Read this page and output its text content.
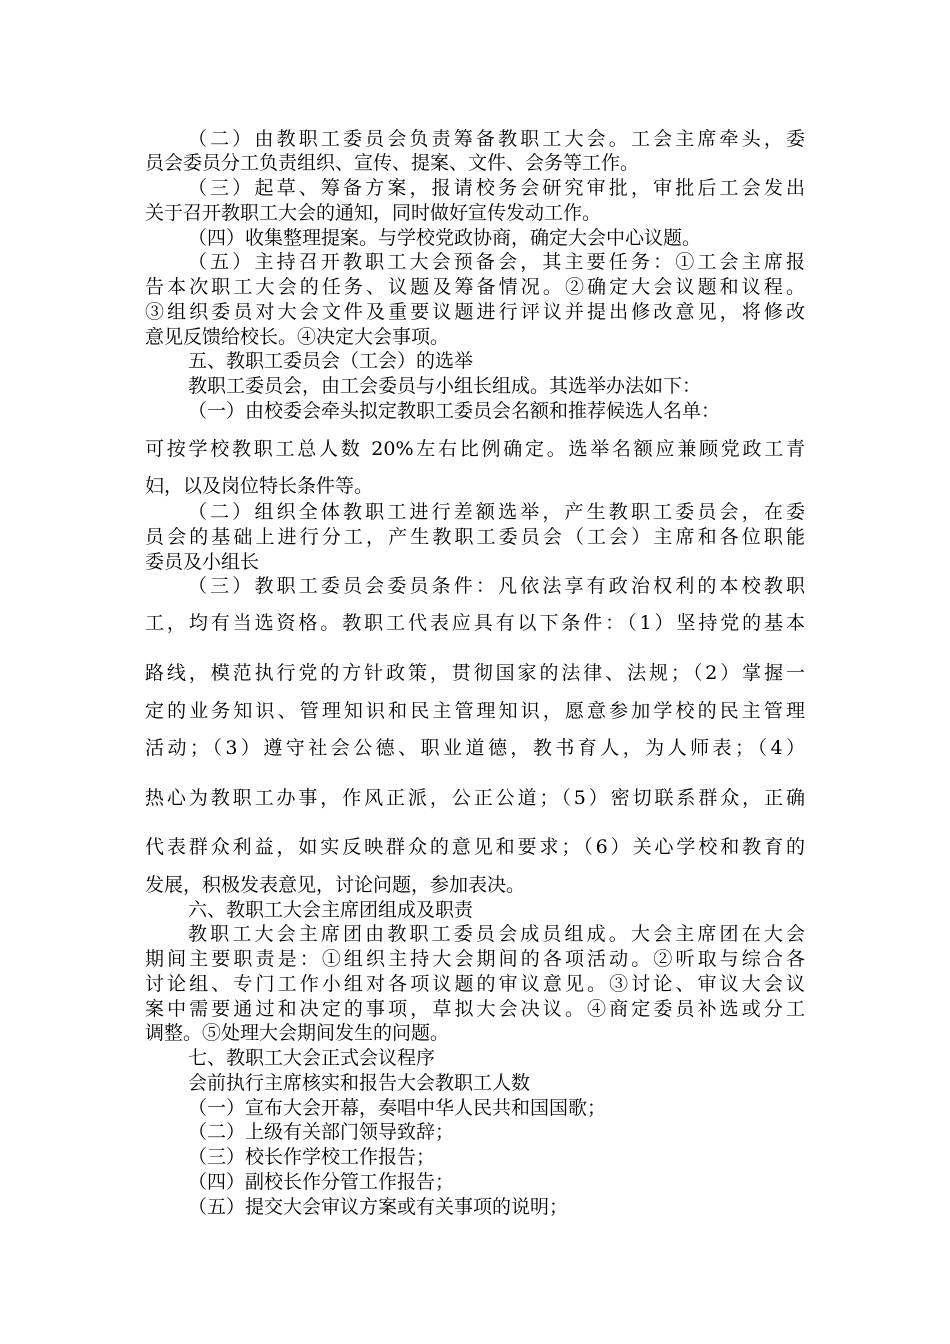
（二）由教职工委员会负责筹备教职工大会。工会主席牵头，委
员会委员分工负责组织、宣传、提案、文件、会务等工作。
（三）起草、筹备方案，报请校务会研究审批，审批后工会发出
关于召开教职工大会的通知，同时做好宣传发动工作。
（四）收集整理提案。与学校党政协商，确定大会中心议题。
（五）主持召开教职工大会预备会，其主要任务：①工会主席报
告本次职工大会的任务、议题及筹备情况。②确定大会议题和议程。
③组织委员对大会文件及重要议题进行评议并提出修改意见，将修改
意见反馈给校长。④决定大会事项。
五、教职工委员会（工会）的选举
教职工委员会，由工会委员与小组长组成。其选举办法如下：
（一）由校委会牵头拟定教职工委员会名额和推荐候选人名单：
可按学校教职工总人数 20%左右比例确定。选举名额应兼顾党政工青
妇，以及岗位特长条件等。
（二）组织全体教职工进行差额选举，产生教职工委员会，在委
员会的基础上进行分工，产生教职工委员会（工会）主席和各位职能
委员及小组长
（三）教职工委员会委员条件：凡依法享有政治权利的本校教职
工，均有当选资格。教职工代表应具有以下条件：（1）坚持党的基本
路线，模范执行党的方针政策，贯彻国家的法律、法规；（2）掌握一
定的业务知识、管理知识和民主管理知识，愿意参加学校的民主管理
活动；（3）遵守社会公德、职业道德，教书育人，为人师表；（4）
热心为教职工办事，作风正派，公正公道；（5）密切联系群众，正确
代表群众利益，如实反映群众的意见和要求；（6）关心学校和教育的
发展，积极发表意见，讨论问题，参加表决。
六、教职工大会主席团组成及职责
教职工大会主席团由教职工委员会成员组成。大会主席团在大会
期间主要职责是：①组织主持大会期间的各项活动。②听取与综合各
讨论组、专门工作小组对各项议题的审议意见。③讨论、审议大会议
案中需要通过和决定的事项，草拟大会决议。④商定委员补选或分工
调整。⑤处理大会期间发生的问题。
七、教职工大会正式会议程序
会前执行主席核实和报告大会教职工人数
（一）宣布大会开幕，奏唱中华人民共和国国歌；
（二）上级有关部门领导致辞；
（三）校长作学校工作报告；
（四）副校长作分管工作报告；
（五）提交大会审议方案或有关事项的说明；
